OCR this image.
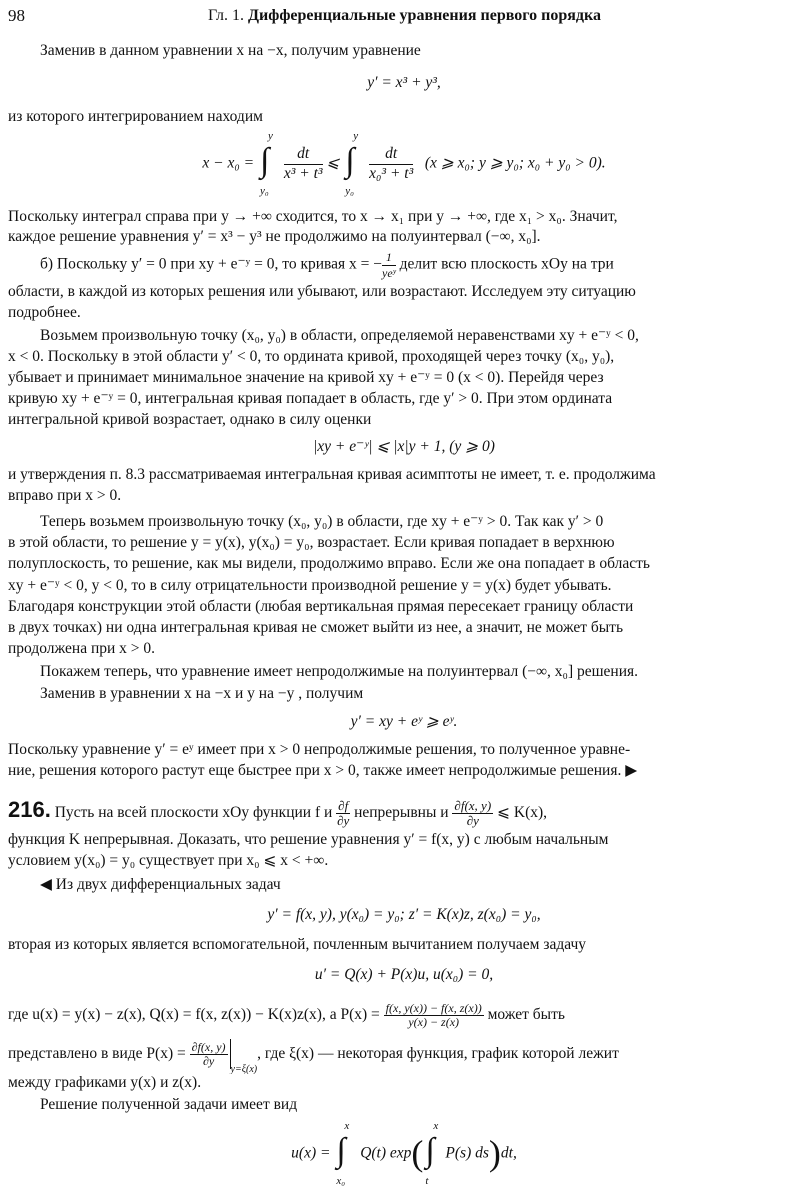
98	Гл. 1. Дифференциальные уравнения первого порядка
Заменив в данном уравнении x на −x, получим уравнение
y′ = x³ + y³,
из которого интегрированием находим
x − x₀ =
y
∫
y₀

$\frac{dt}{\text{x³ + t³}}$ ⩽
y
∫
y₀

$\frac{dt}{\text{x₀³ + t³}} (x$ ⩾ x₀; y ⩾ y₀; x₀ + y₀ > 0).
Поскольку интеграл справа при y → +∞ сходится, то x → x₁ при y → +∞, где x₁ > x₀. Значит,
каждое решение уравнения y′ = x³ − y³ не продолжимо на полуинтервал (−∞, x₀].
б) Поскольку y′ = 0 при xy + e⁻ʸ = 0, то кривая x = − $\frac{1}{\text{yeʸ}}$ делит всю плоскость xOy на три
области, в каждой из которых решения или убывают, или возрастают. Исследуем эту ситуацию
подробнее.
Возьмем произвольную точку (x₀, y₀) в области, определяемой неравенствами xy + e⁻ʸ < 0,
x < 0. Поскольку в этой области y′ < 0, то ордината кривой, проходящей через точку (x₀, y₀),
убывает и принимает минимальное значение на кривой xy + e⁻ʸ = 0 (x < 0). Перейдя через
кривую xy + e⁻ʸ = 0, интегральная кривая попадает в область, где y′ > 0. При этом ордината
интегральной кривой возрастает, однако в силу оценки
|xy + e⁻ʸ| ⩽ |x|y + 1, (y ⩾ 0)
и утверждения п. 8.3 рассматриваемая интегральная кривая асимптоты не имеет, т. е. продолжима
вправо при x > 0.
Теперь возьмем произвольную точку (x₀, y₀) в области, где xy + e⁻ʸ > 0. Так как y′ > 0
в этой области, то решение y = y(x), y(x₀) = y₀, возрастает. Если кривая попадает в верхнюю
полуплоскость, то решение, как мы видели, продолжимо вправо. Если же она попадает в область
xy + e⁻ʸ < 0, y < 0, то в силу отрицательности производной решение y = y(x) будет убывать.
Благодаря конструкции этой области (любая вертикальная прямая пересекает границу области
в двух точках) ни одна интегральная кривая не сможет выйти из нее, а значит, не может быть
продолжена при x > 0.
Покажем теперь, что уравнение имеет непродолжимые на полуинтервал (−∞, x₀] решения.
Заменив в уравнении x на −x и y на −y , получим
y′ = xy + eʸ ⩾ eʸ.
Поскольку уравнение y′ = eʸ имеет при x > 0 непродолжимые решения, то полученное уравне-
ние, решения которого растут еще быстрее при x > 0, также имеет непродолжимые решения. ▶
216. Пусть на всей плоскости xOy функции f и $\frac{\partial f}{\partial y}$ непрерывны и $\frac{\partial f(x, y)}{\partial y}$ ⩽ K(x),
функция K непрерывная. Доказать, что решение уравнения y′ = f(x, y) с любым начальным
условием y(x₀) = y₀ существует при x₀ ⩽ x < +∞.
◀ Из двух дифференциальных задач
y′ = f(x, y), y(x₀) = y₀; z′ = K(x)z, z(x₀) = y₀,
вторая из которых является вспомогательной, почленным вычитанием получаем задачу
u′ = Q(x) + P(x)u, u(x₀) = 0,
где u(x) = y(x) − z(x), Q(x) = f(x, z(x)) − K(x)z(x), а $P(x) = \frac{f(x, y(x)) - f(x, z(x))}{y(x) - z(x)}$ может быть
представлено в виде $P(x) = \frac{\partial f(x, y)}{\partial y}$
$_{y=\xi(x)}$, где ξ(x) — некоторая функция, график которой лежит
между графиками y(x) и z(x).
Решение полученной задачи имеет вид
u(x) =
x
∫
x₀
Q(t) exp(
x
∫
t
P(s) ds)dt,
